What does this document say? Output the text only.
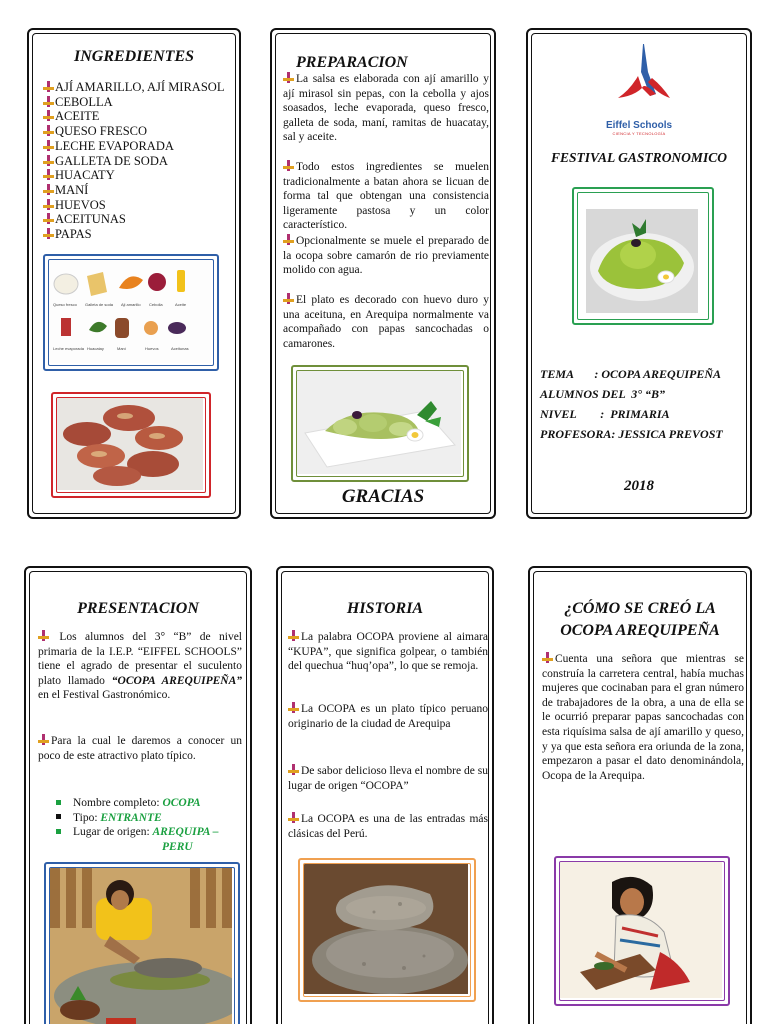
INGREDIENTES
AJÍ AMARILLO, AJÍ MIRASOL
CEBOLLA
ACEITE
QUESO FRESCO
LECHE EVAPORADA
GALLETA DE SODA
HUACATY
MANÍ
HUEVOS
ACEITUNAS
PAPAS
Queso fresco Galleta de soda Aji amarillo Cebolla	Aceite
Leche evaporada Huacatay	Maní	Huevos	Aceitunas
PREPARACION
La salsa es elaborada con ají amarillo y ají mirasol sin pepas, con la cebolla y ajos soasados, leche evaporada, queso fresco, galleta de soda, maní, ramitas de huacatay, sal y aceite.
Todo estos ingredientes se muelen tradicionalmente a batan ahora se licuan de forma tal que obtengan una consistencia ligeramente pastosa y un color característico.
Opcionalmente se muele el preparado de la ocopa sobre camarón de rio previamente molido con agua.
El plato es decorado con huevo duro y una aceituna, en Arequipa normalmente va acompañado con papas sancochadas o camarones.
GRACIAS
Eiffel Schools
CIENCIA Y TECNOLOGÍA
FESTIVAL GASTRONOMICO
TEMA       : OCOPA AREQUIPEÑA
ALUMNOS DEL  3° “B”
NIVEL        :  PRIMARIA
PROFESORA: JESSICA PREVOST
2018
PRESENTACION
Los alumnos del 3° “B” de nivel primaria de la I.E.P. “EIFFEL SCHOOLS” tiene el agrado de presentar el suculento plato llamado “OCOPA AREQUIPEÑA” en el Festival Gastronómico.
Para la cual le daremos a conocer un poco de este atractivo plato típico.
Nombre completo: OCOPA
Tipo: ENTRANTE
Lugar de origen: AREQUIPA –
PERU
HISTORIA
La palabra OCOPA proviene al aimara “KUPA”, que significa golpear, o también del quechua “huq’opa”, lo que se remoja.
La OCOPA es un plato típico peruano originario de la ciudad de Arequipa
De sabor delicioso lleva el nombre de su lugar de origen “OCOPA”
La OCOPA es una de las entradas más clásicas del Perú.
¿CÓMO SE CREÓ LA
OCOPA AREQUIPEÑA
Cuenta una señora que mientras se construía la carretera central, había muchas mujeres que cocinaban para el gran número de trabajadores de la obra, a una de ella se le ocurrió preparar papas sancochadas con esta riquísima salsa de ají amarillo y queso, y ya que esta señora era oriunda de la zona, empezaron a pasar el dato denominándola, Ocopa de la Arequipa.
